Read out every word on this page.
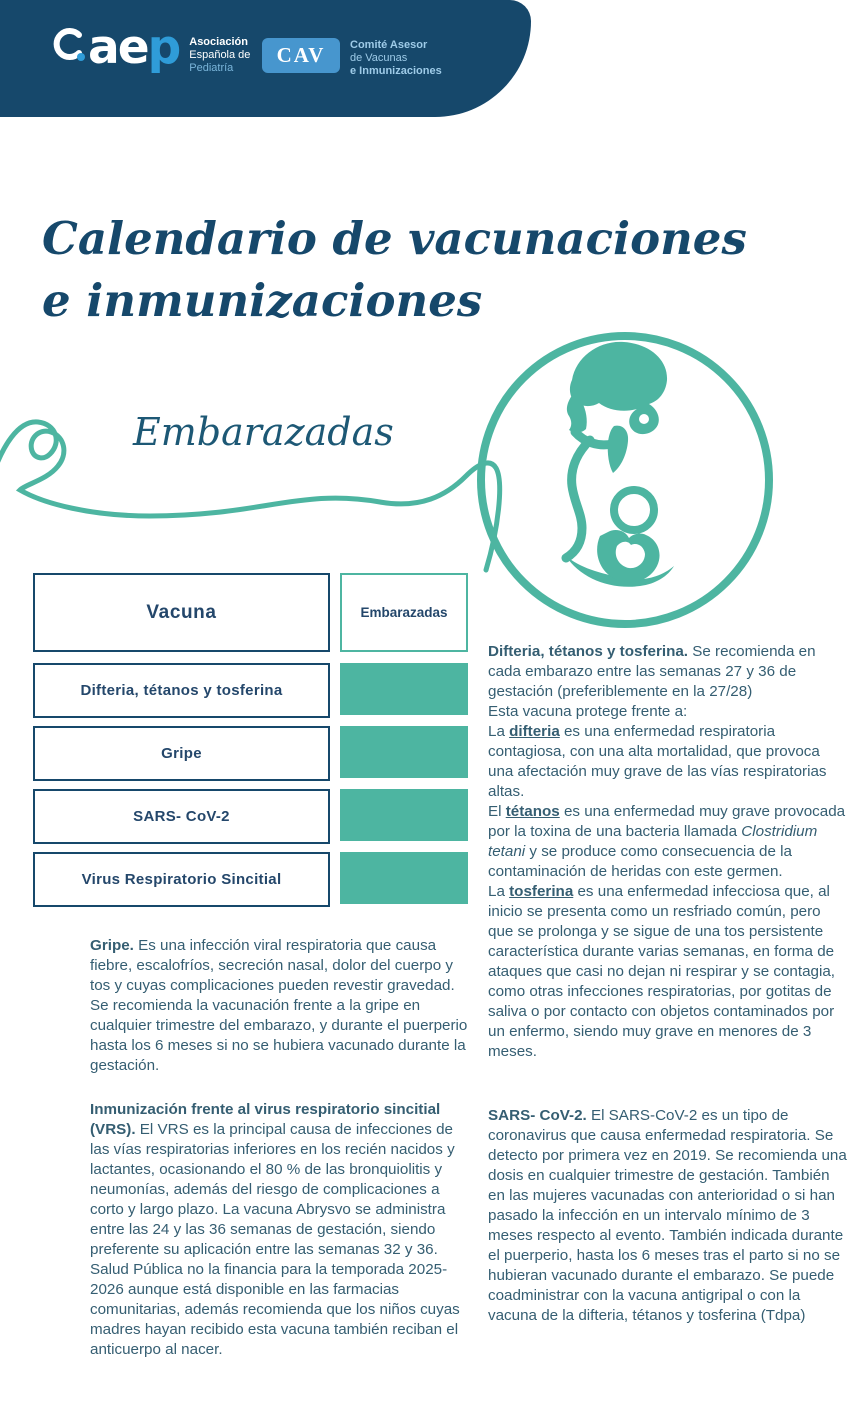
aep Asociación
Española de
Pediatría
CAV	Comité Asesor
de Vacunas
e Inmunizaciones
Calendario de vacunaciones
e inmunizaciones
Embarazadas
Vacuna	Embarazadas
Difteria, tétanos y tosferina
Gripe
SARS- CoV-2
Virus Respiratorio Sincitial
Gripe. Es una infección viral respiratoria que causa fiebre, escalofríos, secreción nasal, dolor del cuerpo y tos y cuyas complicaciones pueden revestir gravedad. Se recomienda la vacunación frente a la gripe en cualquier trimestre del embarazo, y durante el puerperio hasta los 6 meses si no se hubiera vacunado durante la gestación.
Inmunización frente al virus respiratorio sincitial (VRS). El VRS es la principal causa de infecciones de las vías respiratorias inferiores en los recién nacidos y lactantes, ocasionando el 80 % de las bronquiolitis y neumonías, además del riesgo de complicaciones a corto y largo plazo. La vacuna Abrysvo se administra entre las 24 y las 36 semanas de gestación, siendo preferente su aplicación entre las semanas 32 y 36. Salud Pública no la financia para la temporada 2025-2026 aunque está disponible en las farmacias comunitarias, además recomienda que los niños cuyas madres hayan recibido esta vacuna también reciban el anticuerpo al nacer.
Difteria, tétanos y tosferina. Se recomienda en cada embarazo entre las semanas 27 y 36 de gestación (preferiblemente en la 27/28)
Esta vacuna protege frente a:
La difteria es una enfermedad respiratoria contagiosa, con una alta mortalidad, que provoca una afectación muy grave de las vías respiratorias altas.
El tétanos es una enfermedad muy grave provocada por la toxina de una bacteria llamada Clostridium tetani y se produce como consecuencia de la contaminación de heridas con este germen.
La tosferina es una enfermedad infecciosa que, al inicio se presenta como un resfriado común, pero que se prolonga y se sigue de una tos persistente característica durante varias semanas, en forma de ataques que casi no dejan ni respirar y se contagia, como otras infecciones respiratorias, por gotitas de saliva o por contacto con objetos contaminados por un enfermo, siendo muy grave en menores de 3 meses.
SARS- CoV-2. El SARS-CoV-2 es un tipo de coronavirus que causa enfermedad respiratoria. Se detecto por primera vez en 2019. Se recomienda una dosis en cualquier trimestre de gestación. También en las mujeres vacunadas con anterioridad o si han pasado la infección en un intervalo mínimo de 3 meses respecto al evento. También indicada durante el puerperio, hasta los 6 meses tras el parto si no se hubieran vacunado durante el embarazo. Se puede coadministrar con la vacuna antigripal o con la vacuna de la difteria, tétanos y tosferina (Tdpa)
